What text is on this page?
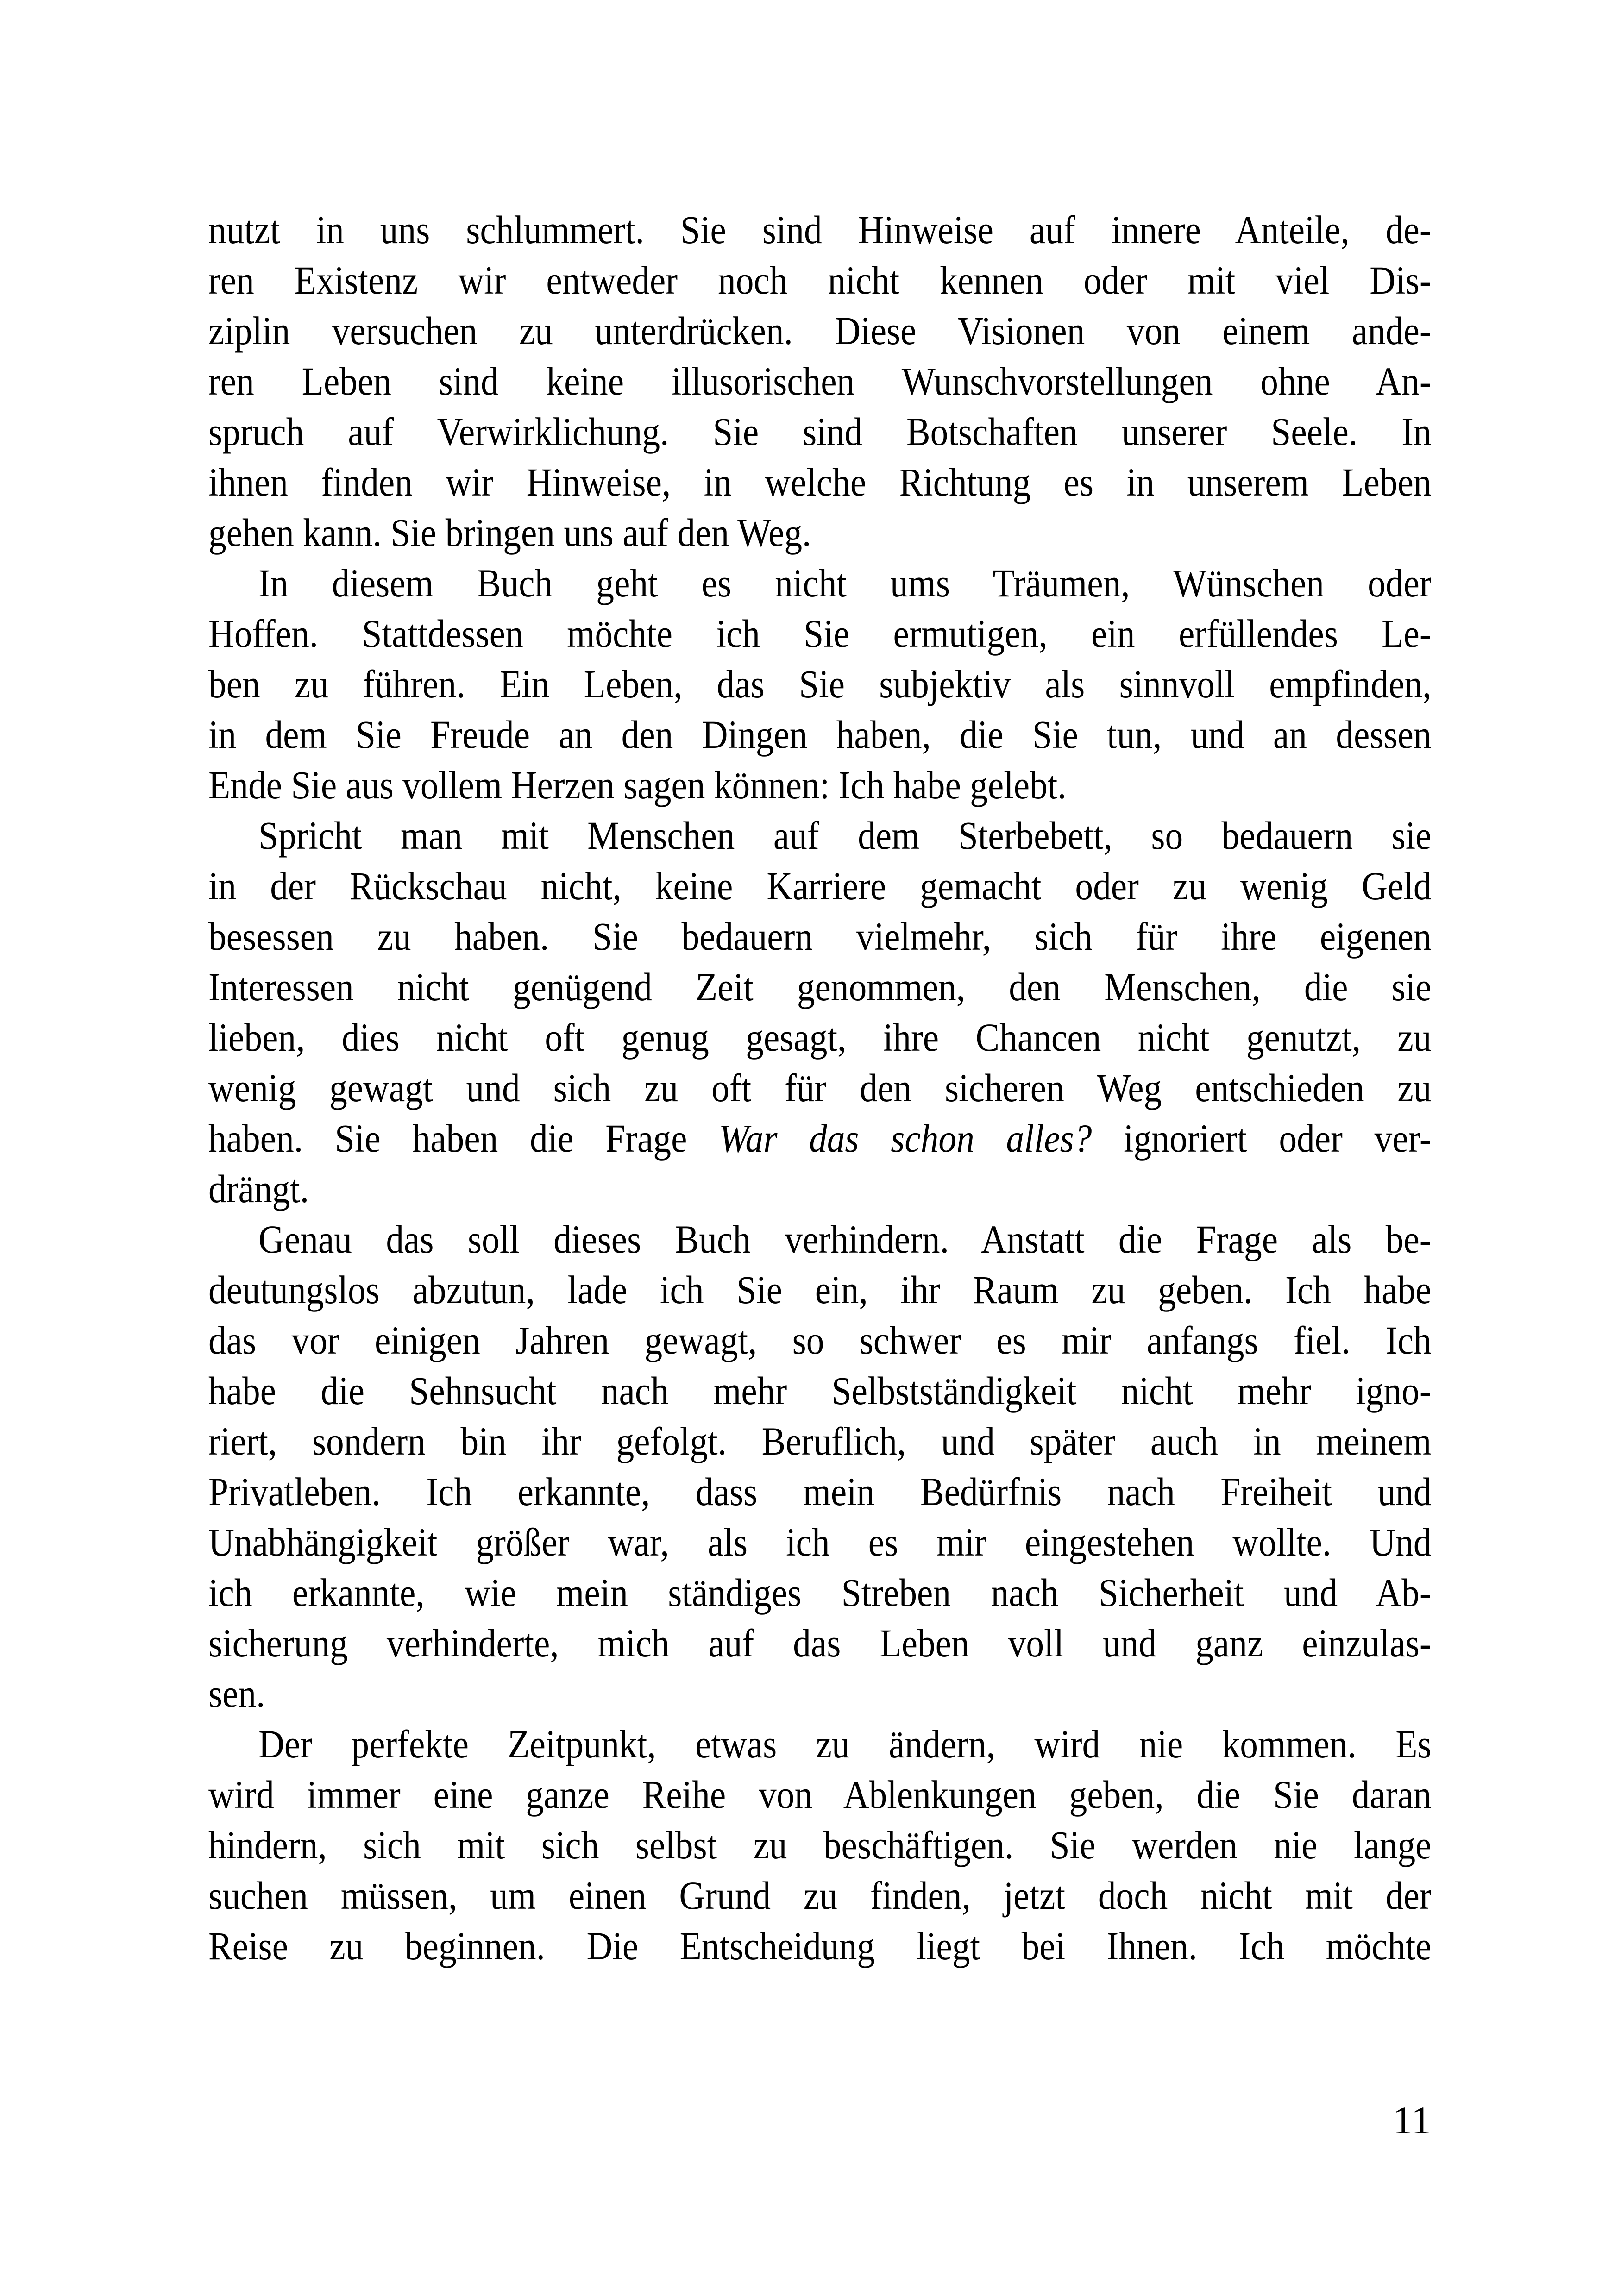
nutzt in uns schlummert. Sie sind Hinweise auf innere Anteile, de-
ren Existenz wir entweder noch nicht kennen oder mit viel Dis-
ziplin versuchen zu unterdrücken. Diese Visionen von einem ande-
ren Leben sind keine illusorischen Wunschvorstellungen ohne An-
spruch auf Verwirklichung. Sie sind Botschaften unserer Seele. In
ihnen finden wir Hinweise, in welche Richtung es in unserem Leben
gehen kann. Sie bringen uns auf den Weg.
In diesem Buch geht es nicht ums Träumen, Wünschen oder
Hoffen. Stattdessen möchte ich Sie ermutigen, ein erfüllendes Le-
ben zu führen. Ein Leben, das Sie subjektiv als sinnvoll empfinden,
in dem Sie Freude an den Dingen haben, die Sie tun, und an dessen
Ende Sie aus vollem Herzen sagen können: Ich habe gelebt.
Spricht man mit Menschen auf dem Sterbebett, so bedauern sie
in der Rückschau nicht, keine Karriere gemacht oder zu wenig Geld
besessen zu haben. Sie bedauern vielmehr, sich für ihre eigenen
Interessen nicht genügend Zeit genommen, den Menschen, die sie
lieben, dies nicht oft genug gesagt, ihre Chancen nicht genutzt, zu
wenig gewagt und sich zu oft für den sicheren Weg entschieden zu
haben. Sie haben die Frage War das schon alles? ignoriert oder ver-
drängt.
Genau das soll dieses Buch verhindern. Anstatt die Frage als be-
deutungslos abzutun, lade ich Sie ein, ihr Raum zu geben. Ich habe
das vor einigen Jahren gewagt, so schwer es mir anfangs fiel. Ich
habe die Sehnsucht nach mehr Selbstständigkeit nicht mehr igno-
riert, sondern bin ihr gefolgt. Beruflich, und später auch in meinem
Privatleben. Ich erkannte, dass mein Bedürfnis nach Freiheit und
Unabhängigkeit größer war, als ich es mir eingestehen wollte. Und
ich erkannte, wie mein ständiges Streben nach Sicherheit und Ab-
sicherung verhinderte, mich auf das Leben voll und ganz einzulas-
sen.
Der perfekte Zeitpunkt, etwas zu ändern, wird nie kommen. Es
wird immer eine ganze Reihe von Ablenkungen geben, die Sie daran
hindern, sich mit sich selbst zu beschäftigen. Sie werden nie lange
suchen müssen, um einen Grund zu finden, jetzt doch nicht mit der
Reise zu beginnen. Die Entscheidung liegt bei Ihnen. Ich möchte
11
